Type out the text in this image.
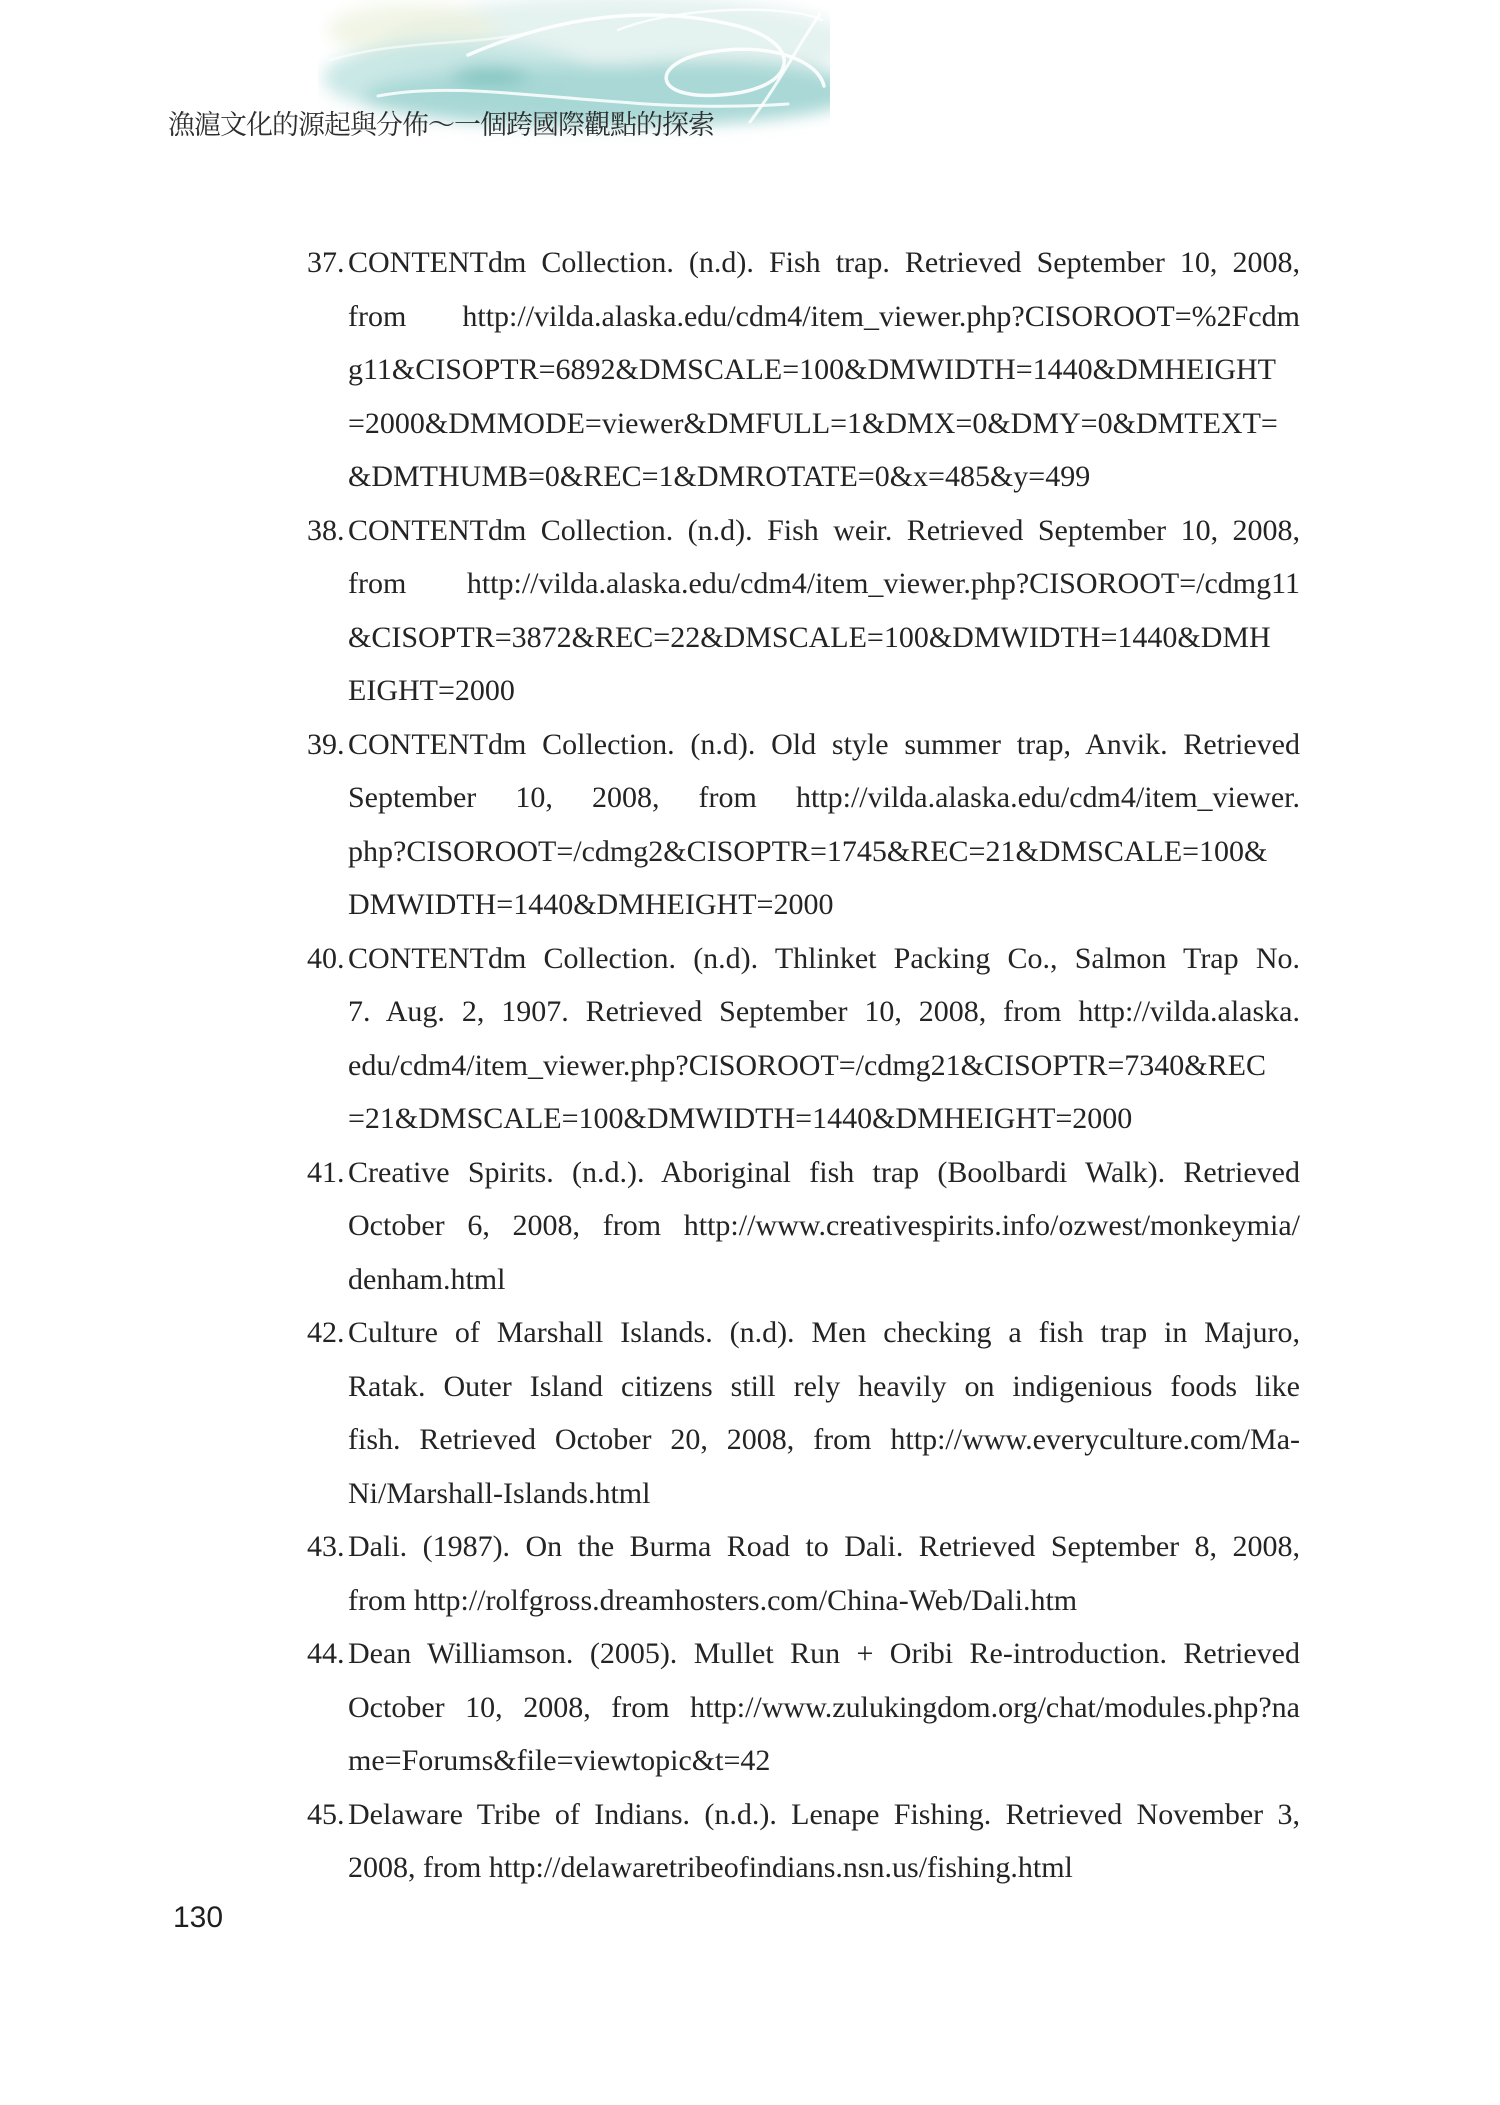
漁滬文化的源起與分佈～一個跨國際觀點的探索
37. CONTENTdm Collection. (n.d). Fish trap. Retrieved September 10, 2008,
from http://vilda.alaska.edu/cdm4/item_viewer.php?CISOROOT=%2Fcdm
g11&CISOPTR=6892&DMSCALE=100&DMWIDTH=1440&DMHEIGHT
=2000&DMMODE=viewer&DMFULL=1&DMX=0&DMY=0&DMTEXT=
&DMTHUMB=0&REC=1&DMROTATE=0&x=485&y=499
38. CONTENTdm Collection. (n.d). Fish weir. Retrieved September 10, 2008,
from http://vilda.alaska.edu/cdm4/item_viewer.php?CISOROOT=/cdmg11
&CISOPTR=3872&REC=22&DMSCALE=100&DMWIDTH=1440&DMH
EIGHT=2000
39. CONTENTdm Collection. (n.d). Old style summer trap, Anvik. Retrieved
September 10, 2008, from http://vilda.alaska.edu/cdm4/item_viewer.
php?CISOROOT=/cdmg2&CISOPTR=1745&REC=21&DMSCALE=100&
DMWIDTH=1440&DMHEIGHT=2000
40. CONTENTdm Collection. (n.d). Thlinket Packing Co., Salmon Trap No.
7. Aug. 2, 1907. Retrieved September 10, 2008, from http://vilda.alaska.
edu/cdm4/item_viewer.php?CISOROOT=/cdmg21&CISOPTR=7340&REC
=21&DMSCALE=100&DMWIDTH=1440&DMHEIGHT=2000
41. Creative Spirits. (n.d.). Aboriginal fish trap (Boolbardi Walk). Retrieved
October 6, 2008, from http://www.creativespirits.info/ozwest/monkeymia/
denham.html
42. Culture of Marshall Islands. (n.d). Men checking a fish trap in Majuro,
Ratak. Outer Island citizens still rely heavily on indigenious foods like
fish. Retrieved October 20, 2008, from http://www.everyculture.com/Ma-
Ni/Marshall-Islands.html
43. Dali. (1987). On the Burma Road to Dali. Retrieved September 8, 2008,
from http://rolfgross.dreamhosters.com/China-Web/Dali.htm
44. Dean Williamson. (2005). Mullet Run + Oribi Re-introduction. Retrieved
October 10, 2008, from http://www.zulukingdom.org/chat/modules.php?na
me=Forums&file=viewtopic&t=42
45. Delaware Tribe of Indians. (n.d.). Lenape Fishing. Retrieved November 3,
2008, from http://delawaretribeofindians.nsn.us/fishing.html
130
